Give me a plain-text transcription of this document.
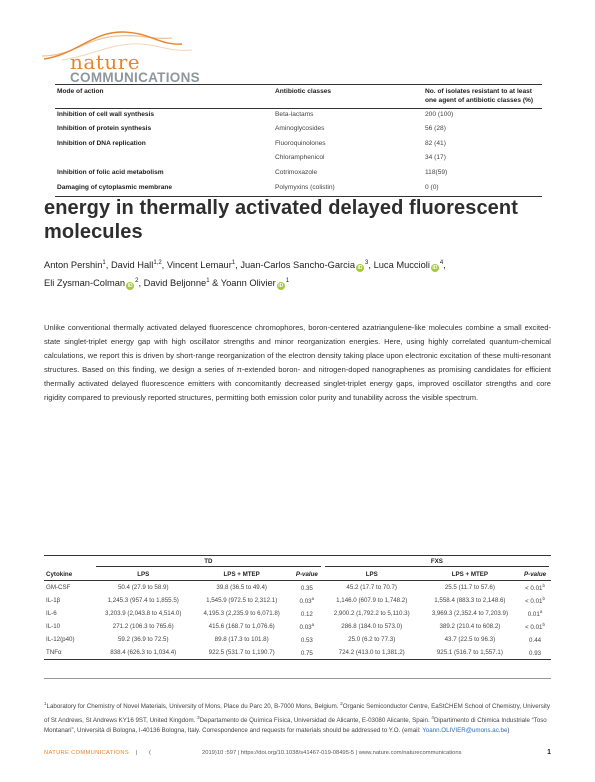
nature
COMMUNICATIONS
Mode of action	Antibiotic classes	No. of isolates resistant to at least one agent of antibiotic classes (%)
Inhibition of cell wall synthesis	Beta-lactams	200 (100)
Inhibition of protein synthesis	Aminoglycosides	56 (28)
Inhibition of DNA replication	Fluoroquinolones	82 (41)
	Chloramphenicol	34 (17)
Inhibition of folic acid metabolism	Cotrimoxazole	118(59)
Damaging of cytoplasmic membrane	Polymyxins (colistin)	0 (0)
energy in thermally activated delayed fluorescent molecules
Anton Pershin$^1$, David Hall$^{1,2}$, Vincent Lemaur$^1$, Juan-Carlos Sancho-Garcia $iD^3$, Luca Muccioli $iD^4$,
Eli Zysman-Colman $iD^2$, David Beljonne$^1$ & Yoann Olivier $iD^1$

Unlike conventional thermally activated delayed fluorescence chromophores, boron-centered azatriangulene-like molecules combine a small excited-state singlet-triplet energy gap with high oscillator strengths and minor reorganization energies. Here, using highly correlated quantum-chemical calculations, we report this is driven by short-range reorganization of the electron density taking place upon electronic excitation of these multi-resonant structures. Based on this finding, we design a series of π-extended boron- and nitrogen-doped nanographenes as promising candidates for efficient thermally activated delayed fluorescence emitters with concomitantly decreased singlet-triplet energy gaps, improved oscillator strengths and core rigidity compared to previously reported structures, permitting both emission color purity and tunability across the visible spectrum.

	TD			FXS		

Cytokine	LPS	LPS + MTEP	P-value	LPS	LPS + MTEP	P-value
GM-CSF	50.4 (27.9 to 58.9)	39.8 (36.5 to 49.4)	0.35	45.2 (17.7 to 70.7)	25.5 (11.7 to 57.6)	< 0.01$^b$
IL-1β	1,245.3 (957.4 to 1,855.5)	1,545.9 (972.5 to 2,312.1)	0.03$^a$	1,146.0 (607.9 to 1,748.2)	1,558.4 (883.3 to 2,148.6)	< 0.01$^b$
IL-6	3,203.9 (2,043.8 to 4,514.0)	4,195.3 (2,235.9 to 6,071.8)	0.12	2,900.2 (1,792.2 to 5,110.3)	3,969.3 (2,352.4 to 7,203.9)	0.01$^a$
IL-10	271.2 (106.3 to 765.6)	415.6 (168.7 to 1,076.6)	0.03$^a$	286.8 (184.0 to 573.0)	389.2 (210.4 to 608.2)	< 0.01$^b$
IL-12(p40)	59.2 (36.9 to 72.5)	89.8 (17.3 to 101.8)	0.53	25.0 (6.2 to 77.3)	43.7 (22.5 to 96.3)	0.44
TNFα	838.4 (626.3 to 1,034.4)	922.5 (531.7 to 1,190.7)	0.75	724.2 (413.0 to 1,381.2)	925.1 (516.7 to 1,557.1)	0.93
$^1$Laboratory for Chemistry of Novel Materials, University of Mons, Place du Parc 20, B-7000 Mons, Belgium. $^2$Organic Semiconductor Centre, EaStCHEM School of Chemistry, University of St Andrews, St Andrews KY16 9ST, United Kingdom. $^3$Departamento de Química Física, Universidad de Alicante, E-03080 Alicante, Spain. $^4$Dipartimento di Chimica Industriale “Toso Montanari”, Università di Bologna, I-40136 Bologna, Italy. Correspondence and requests for materials should be addressed to Y.O. (email: Yoann.OLIVIER@umons.ac.be)
NATURE COMMUNICATIONS | (	2019)10 :597 | https://doi.org/10.1038/s41467-019-08495-5 | www.nature.com/naturecommunications	1
